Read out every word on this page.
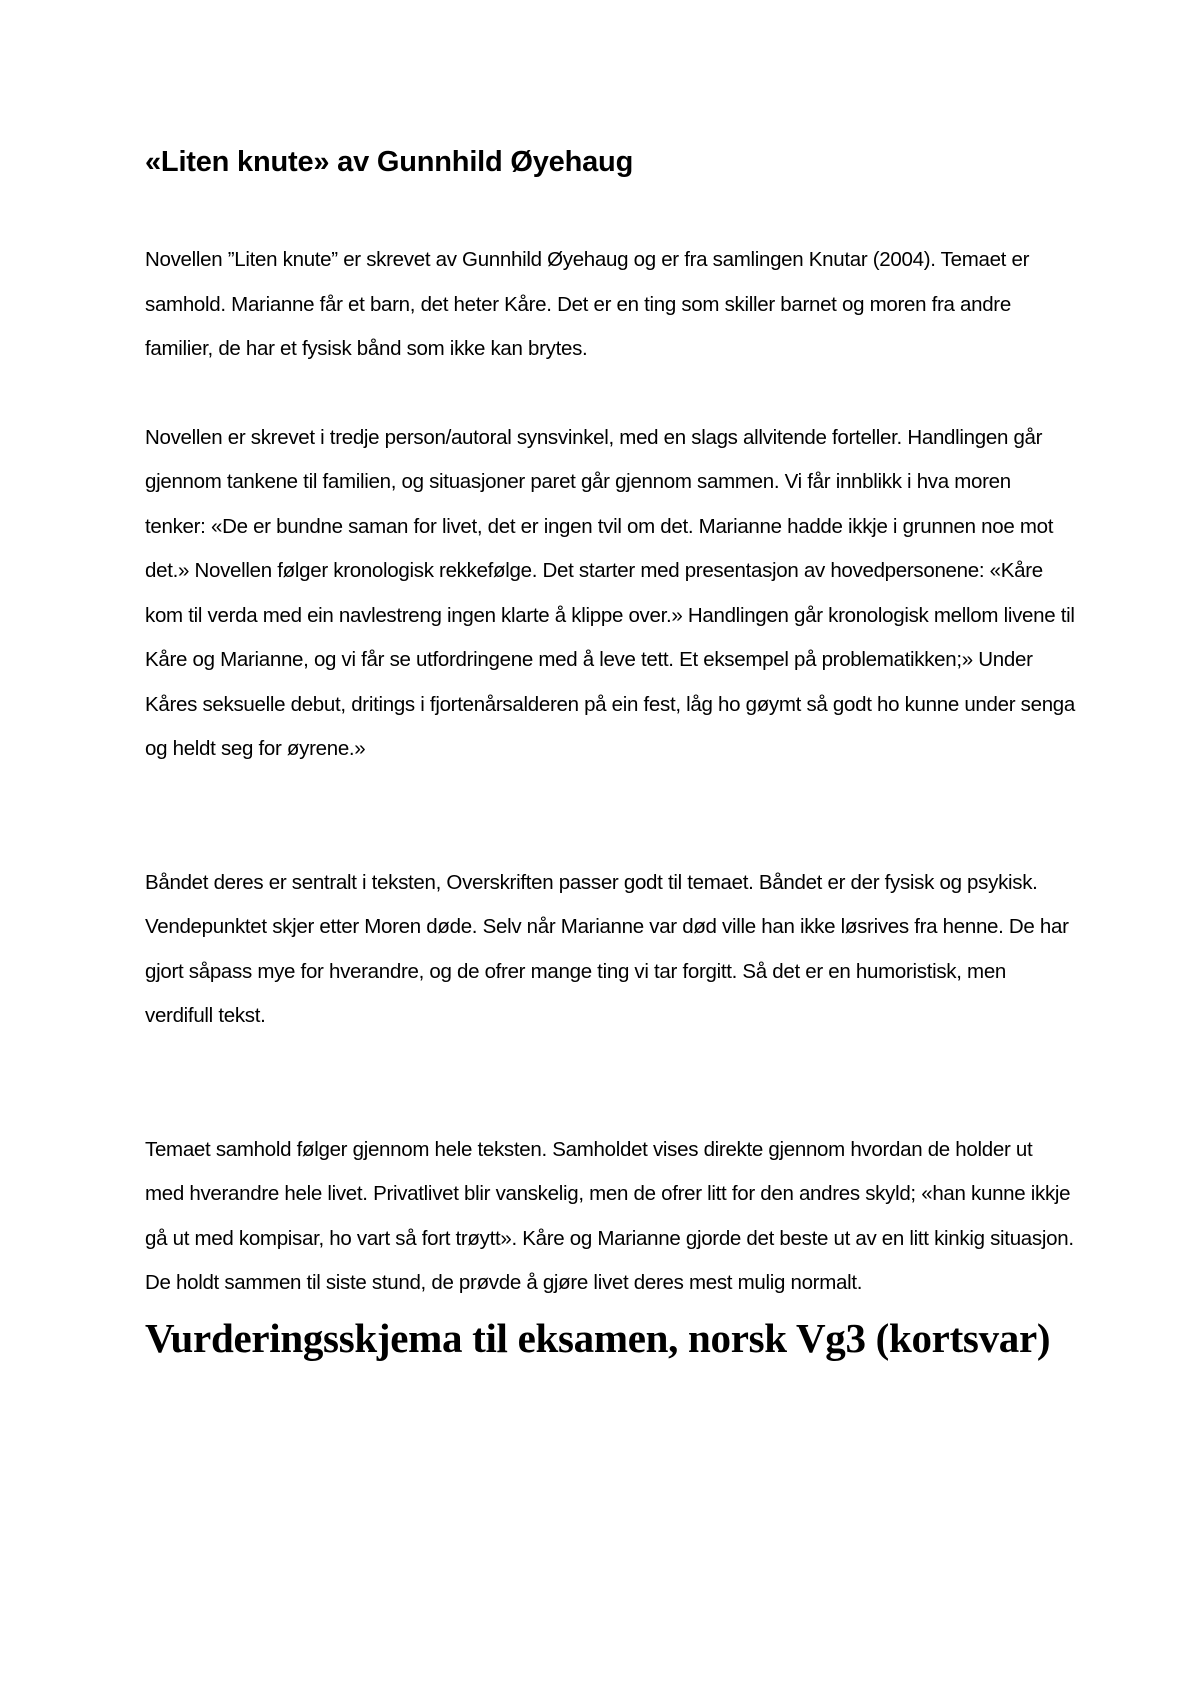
«Liten knute» av Gunnhild Øyehaug

Novellen ”Liten knute” er skrevet av Gunnhild Øyehaug og er fra samlingen Knutar (2004). Temaet er samhold. Marianne får et barn, det heter Kåre. Det er en ting som skiller barnet og moren fra andre familier, de har et fysisk bånd som ikke kan brytes.

Novellen er skrevet i tredje person/autoral synsvinkel, med en slags allvitende forteller. Handlingen går gjennom tankene til familien, og situasjoner paret går gjennom sammen. Vi får innblikk i hva moren tenker: «De er bundne saman for livet, det er ingen tvil om det. Marianne hadde ikkje i grunnen noe mot det.» Novellen følger kronologisk rekkefølge. Det starter med presentasjon av hovedpersonene: «Kåre kom til verda med ein navlestreng ingen klarte å klippe over.» Handlingen går kronologisk mellom livene til Kåre og Marianne, og vi får se utfordringene med å leve tett. Et eksempel på problematikken;» Under Kåres seksuelle debut, dritings i fjortenårsalderen på ein fest, låg ho gøymt så godt ho kunne under senga og heldt seg for øyrene.»

Båndet deres er sentralt i teksten, Overskriften passer godt til temaet. Båndet er der fysisk og psykisk. Vendepunktet skjer etter Moren døde. Selv når Marianne var død ville han ikke løsrives fra henne. De har gjort såpass mye for hverandre, og de ofrer mange ting vi tar forgitt. Så det er en humoristisk, men verdifull tekst.

Temaet samhold følger gjennom hele teksten. Samholdet vises direkte gjennom hvordan de holder ut med hverandre hele livet. Privatlivet blir vanskelig, men de ofrer litt for den andres skyld; «han kunne ikkje gå ut med kompisar, ho vart så fort trøytt». Kåre og Marianne gjorde det beste ut av en litt kinkig situasjon. De holdt sammen til siste stund, de prøvde å gjøre livet deres mest mulig normalt.

Vurderingsskjema til eksamen, norsk Vg3 (kortsvar)
